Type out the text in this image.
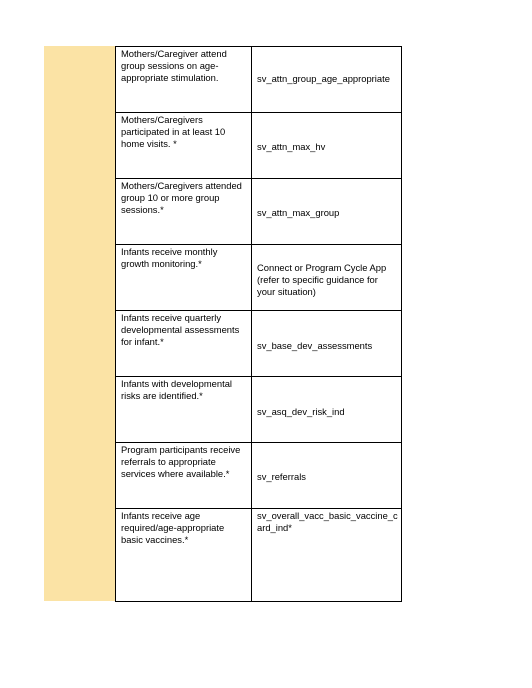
Mothers/Caregiver attend group sessions on age-appropriate stimulation.	sv_attn_group_age_appropriate

Mothers/Caregivers participated in at least 10 home visits. *	sv_attn_max_hv

Mothers/Caregivers attended group 10 or more group sessions.*	sv_attn_max_group

Infants receive monthly growth monitoring.*	Connect or Program Cycle App (refer to specific guidance for your situation)

Infants receive quarterly developmental assessments for infant.*	sv_base_dev_assessments

Infants with developmental risks are identified.*	sv_asq_dev_risk_ind

Program participants receive referrals to appropriate services where available.*	sv_referrals

Infants receive age required/age-appropriate basic vaccines.*	sv_overall_vacc_basic_vaccine_card_ind*
